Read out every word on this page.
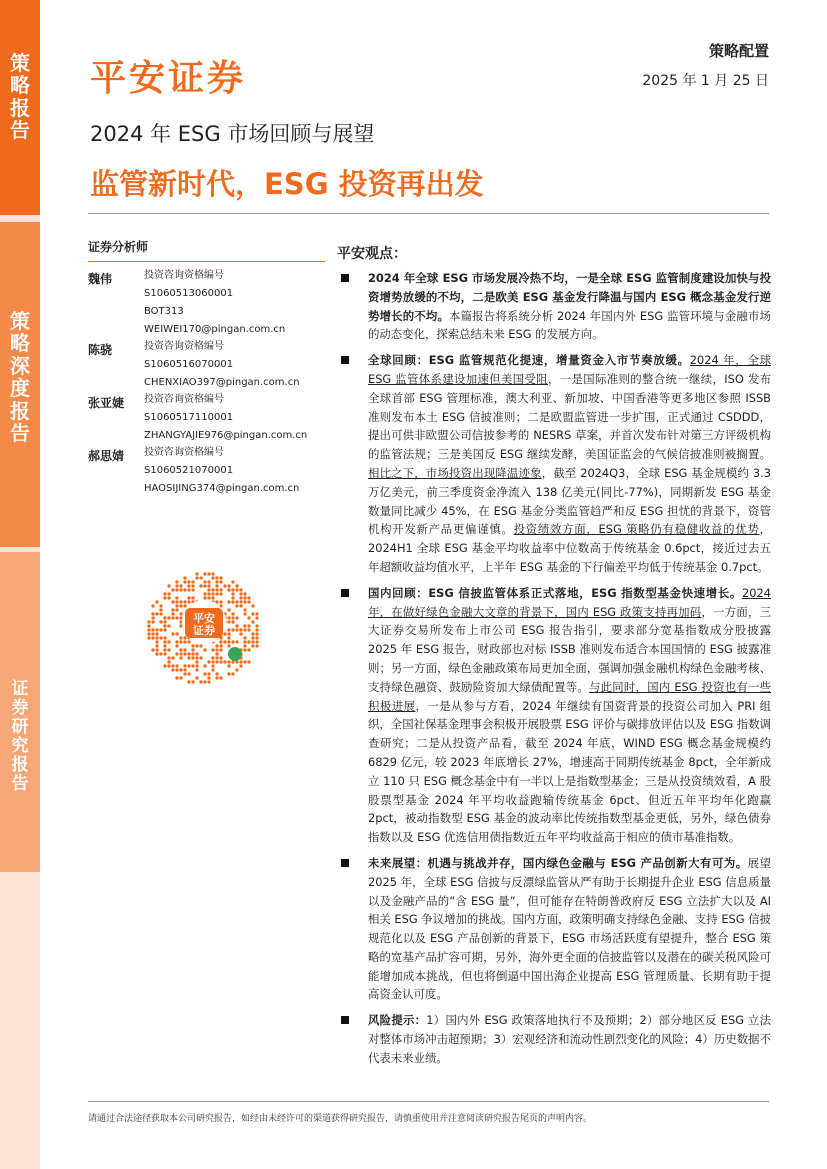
策
略
报
告
策
略
深
度
报
告
证
券
研
究
报
告
平安证券
策略配置
2025 年 1 月 25 日
2024 年 ESG 市场回顾与展望
监管新时代，ESG 投资再出发
证券分析师
魏伟	投资咨询资格编号
S1060513060001
BOT313
WEIWEI170@pingan.com.cn
陈骁	投资咨询资格编号
S1060516070001
CHENXIAO397@pingan.com.cn
张亚婕	投资咨询资格编号
S1060517110001
ZHANGYAJIE976@pingan.com.cn
郝思婧	投资咨询资格编号
S1060521070001
HAOSIJING374@pingan.com.cn
平安
证券
平安观点：
2024 年全球 ESG 市场发展冷热不均，一是全球 ESG 监管制度建设加快与投资增势放缓的不均，二是欧美 ESG 基金发行降温与国内 ESG 概念基金发行逆势增长的不均。本篇报告将系统分析 2024 年国内外 ESG 监管环境与金融市场的动态变化，探索总结未来 ESG 的发展方向。
全球回顾：ESG 监管规范化提速，增量资金入市节奏放缓。2024 年，全球 ESG 监管体系建设加速但美国受阻，一是国际准则的整合统一继续，ISO 发布全球首部 ESG 管理标准，澳大利亚、新加坡、中国香港等更多地区参照 ISSB 准则发布本土 ESG 信披准则；二是欧盟监管进一步扩围，正式通过 CSDDD，提出可供非欧盟公司信披参考的 NESRS 草案，并首次发布针对第三方评级机构的监管法规；三是美国反 ESG 继续发酵，美国证监会的气候信披准则被搁置。相比之下，市场投资出现降温迹象，截至 2024Q3，全球 ESG 基金规模约 3.3 万亿美元，前三季度资金净流入 138 亿美元(同比-77%)，同期新发 ESG 基金数量同比减少 45%，在 ESG 基金分类监管趋严和反 ESG 担忧的背景下，资管机构开发新产品更偏谨慎。投资绩效方面，ESG 策略仍有稳健收益的优势，2024H1 全球 ESG 基金平均收益率中位数高于传统基金 0.6pct，接近过去五年超额收益均值水平，上半年 ESG 基金的下行偏差平均低于传统基金 0.7pct。
国内回顾：ESG 信披监管体系正式落地，ESG 指数型基金快速增长。2024 年，在做好绿色金融大文章的背景下，国内 ESG 政策支持再加码，一方面，三大证券交易所发布上市公司 ESG 报告指引，要求部分宽基指数成分股披露 2025 年 ESG 报告，财政部也对标 ISSB 准则发布适合本国国情的 ESG 披露准则；另一方面，绿色金融政策布局更加全面，强调加强金融机构绿色金融考核、支持绿色融资、鼓励险资加大绿债配置等。与此同时，国内 ESG 投资也有一些积极进展，一是从参与方看，2024 年继续有国资背景的投资公司加入 PRI 组织，全国社保基金理事会积极开展股票 ESG 评价与碳排放评估以及 ESG 指数调查研究；二是从投资产品看，截至 2024 年底，WIND ESG 概念基金规模约 6829 亿元，较 2023 年底增长 27%，增速高于同期传统基金 8pct，全年新成立 110 只 ESG 概念基金中有一半以上是指数型基金；三是从投资绩效看，A 股股票型基金 2024 年平均收益跑输传统基金 6pct、但近五年平均年化跑赢 2pct，被动指数型 ESG 基金的波动率比传统指数型基金更低，另外，绿色债券指数以及 ESG 优选信用债指数近五年平均收益高于相应的债市基准指数。
未来展望：机遇与挑战并存，国内绿色金融与 ESG 产品创新大有可为。展望 2025 年，全球 ESG 信披与反漂绿监管从严有助于长期提升企业 ESG 信息质量以及金融产品的“含 ESG 量”，但可能存在特朗普政府反 ESG 立法扩大以及 AI 相关 ESG 争议增加的挑战。国内方面，政策明确支持绿色金融、支持 ESG 信披规范化以及 ESG 产品创新的背景下，ESG 市场活跃度有望提升，整合 ESG 策略的宽基产品扩容可期，另外，海外更全面的信披监管以及潜在的碳关税风险可能增加成本挑战，但也将倒逼中国出海企业提高 ESG 管理质量、长期有助于提高资金认可度。
风险提示：1）国内外 ESG 政策落地执行不及预期；2）部分地区反 ESG 立法对整体市场冲击超预期；3）宏观经济和流动性剧烈变化的风险；4）历史数据不代表未来业绩。
请通过合法途径获取本公司研究报告，如经由未经许可的渠道获得研究报告，请慎重使用并注意阅读研究报告尾页的声明内容。
